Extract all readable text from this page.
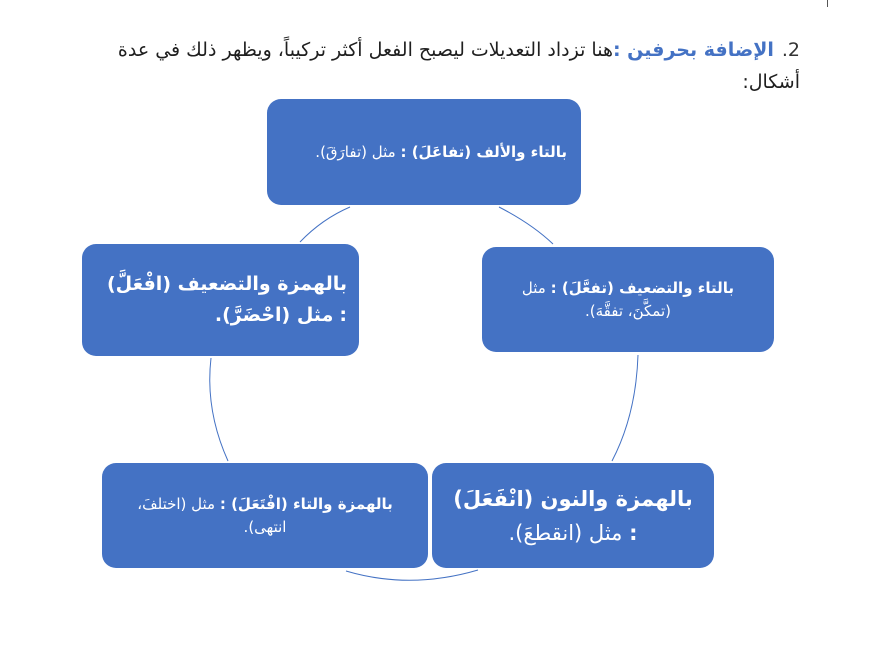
2.الإضافة بحرفين :هنا تزداد التعديلات ليصبح الفعل أكثر تركيباً، ويظهر ذلك في عدة أشكال:
بالتاء والألف (تفاعَلَ) : مثل (تفارَقَ).
بالتاء والتضعيف (تفعَّلَ) : مثل (تمكَّنَ، تفقَّهَ).
بالهمزة والنون (انْفَعَلَ) : مثل (انقطعَ).
بالهمزة والتاء (افْتَعَلَ) : مثل (اختلفَ، انتهى).
بالهمزة والتضعيف (افْعَلَّ) : مثل (احْضَرَّ).
